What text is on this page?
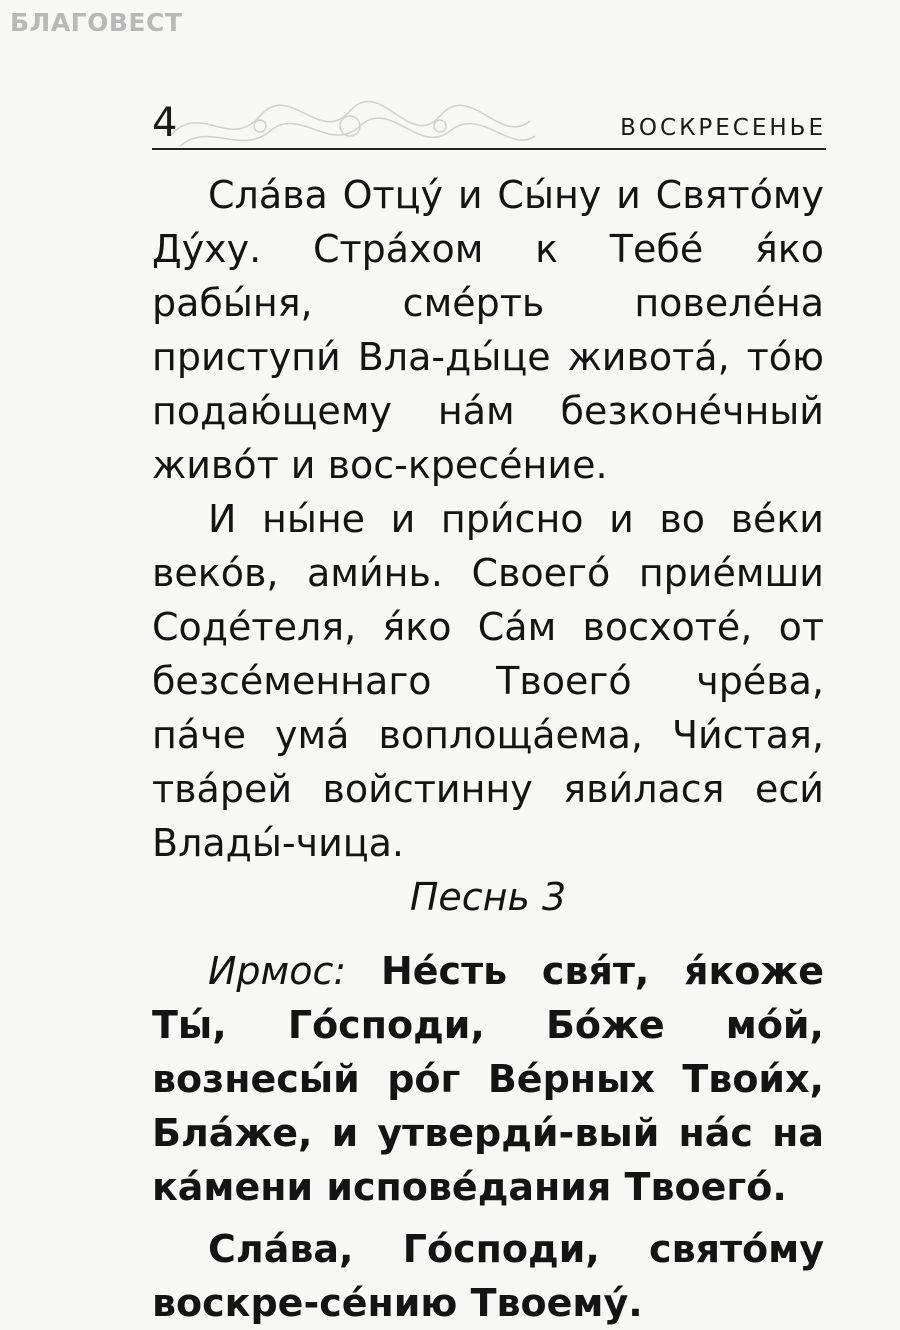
БЛАГОВЕСТ
4	воскресенье

Сла́ва Отцу́ и Сы́ну и Свято́му Ду́ху. Стра́хом к Тебе́ я́ко рабы́ня, сме́рть повеле́на приступи́ Вла-ды́це живота́, то́ю подаю́щему на́м безконе́чный живо́т и вос-кресе́ние.

И ны́не и при́сно и во ве́ки веко́в, ами́нь. Своего́ прие́мши Соде́теля, я́ко Са́м восхоте́, от безсе́меннаго Твоего́ чре́ва, па́че ума́ воплоща́ема, Чи́стая, тва́рей войстинну яви́лася еси́ Влады́-чица.

Песнь 3

Ирмос: Не́сть свя́т, я́коже Ты́, Го́споди, Бо́же мо́й, вознесы́й ро́г Ве́рных Твои́х, Бла́же, и утверди́-вый на́с на ка́мени испове́дания Твоего́.

Сла́ва, Го́споди, свято́му воскре-се́нию Твоему́.
